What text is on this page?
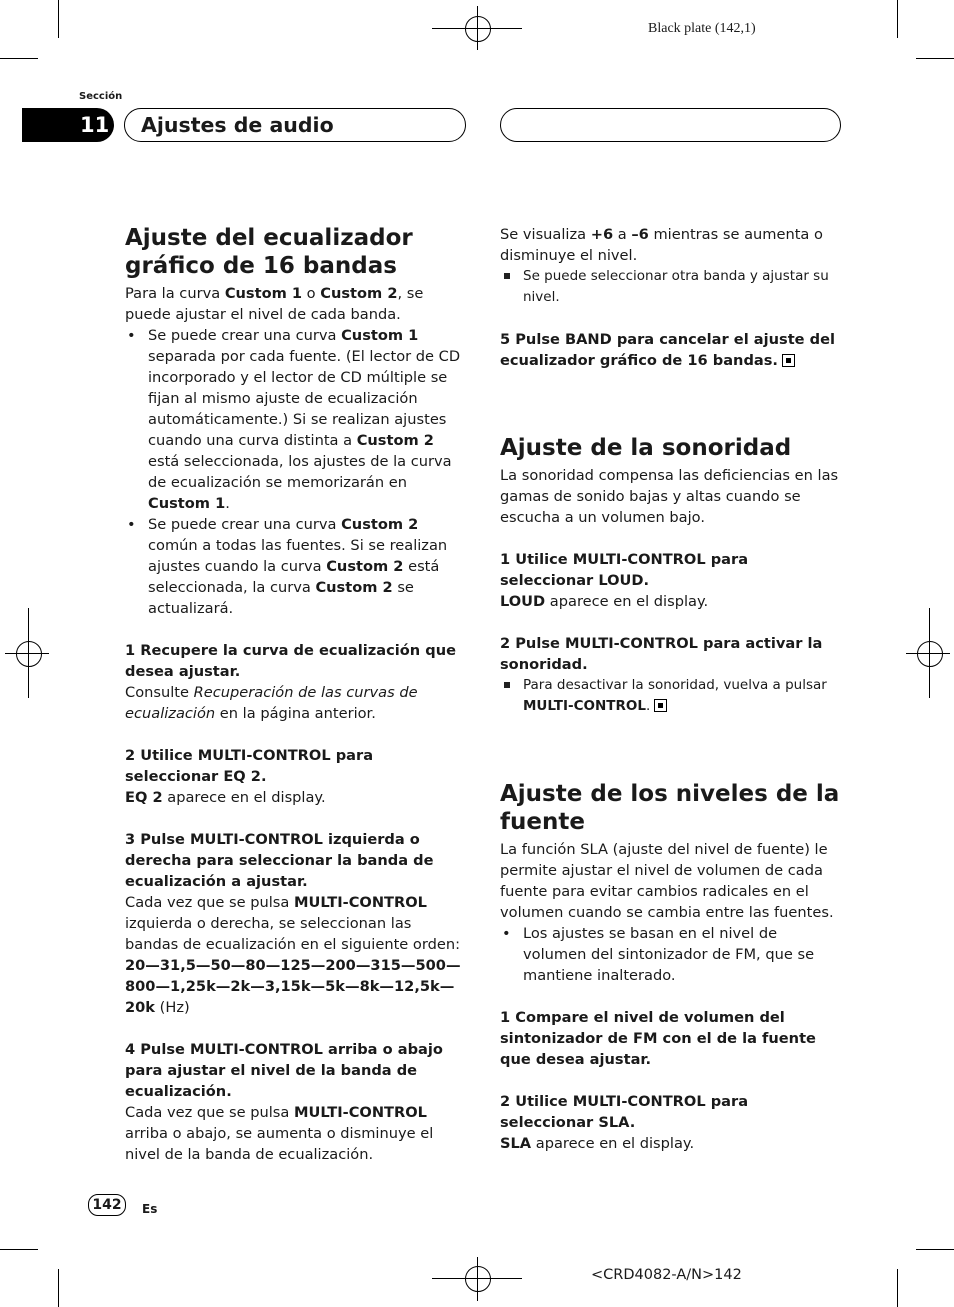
Black plate (142,1)
Sección
11	Ajustes de audio
Ajuste del ecualizador
gráfico de 16 bandas

Para la curva Custom 1 o Custom 2, se puede ajustar el nivel de cada banda.

• Se puede crear una curva Custom 1 separada por cada fuente. (El lector de CD incorporado y el lector de CD múltiple se fijan al mismo ajuste de ecualización automáticamente.) Si se realizan ajustes cuando una curva distinta a Custom 2 está seleccionada, los ajustes de la curva de ecualización se memorizarán en Custom 1.

• Se puede crear una curva Custom 2 común a todas las fuentes. Si se realizan ajustes cuando la curva Custom 2 está seleccionada, la curva Custom 2 se actualizará.

1 Recupere la curva de ecualización que desea ajustar.

Consulte Recuperación de las curvas de ecualización en la página anterior.

2 Utilice MULTI-CONTROL para seleccionar EQ 2.

EQ 2 aparece en el display.

3 Pulse MULTI-CONTROL izquierda o derecha para seleccionar la banda de ecualización a ajustar.

Cada vez que se pulsa MULTI-CONTROL izquierda o derecha, se seleccionan las bandas de ecualización en el siguiente orden:

20—31,5—50—80—125—200—315—500—800—1,25k—2k—3,15k—5k—8k—12,5k—20k (Hz)

4 Pulse MULTI-CONTROL arriba o abajo para ajustar el nivel de la banda de ecualización.

Cada vez que se pulsa MULTI-CONTROL arriba o abajo, se aumenta o disminuye el nivel de la banda de ecualización.

Se visualiza +6 a –6 mientras se aumenta o disminuye el nivel.

Se puede seleccionar otra banda y ajustar su nivel.

5 Pulse BAND para cancelar el ajuste del ecualizador gráfico de 16 bandas.

Ajuste de la sonoridad

La sonoridad compensa las deficiencias en las gamas de sonido bajas y altas cuando se escucha a un volumen bajo.

1 Utilice MULTI-CONTROL para seleccionar LOUD.

LOUD aparece en el display.

2 Pulse MULTI-CONTROL para activar la sonoridad.

Para desactivar la sonoridad, vuelva a pulsar MULTI-CONTROL.

Ajuste de los niveles de la
fuente

La función SLA (ajuste del nivel de fuente) le permite ajustar el nivel de volumen de cada fuente para evitar cambios radicales en el volumen cuando se cambia entre las fuentes.

• Los ajustes se basan en el nivel de volumen del sintonizador de FM, que se mantiene inalterado.

1 Compare el nivel de volumen del sintonizador de FM con el de la fuente que desea ajustar.

2 Utilice MULTI-CONTROL para seleccionar SLA.

SLA aparece en el display.

142	Es
<CRD4082-A/N>142
